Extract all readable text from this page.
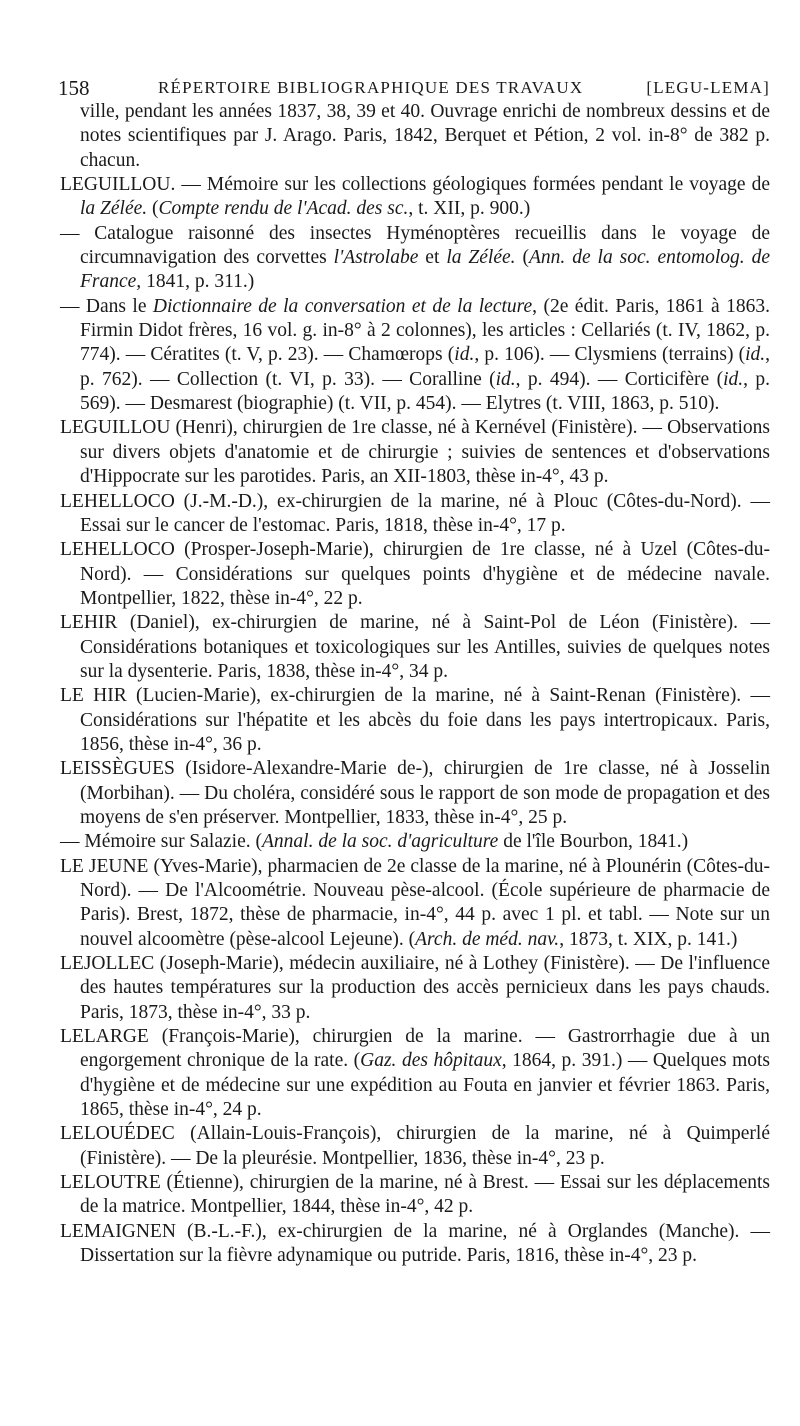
158	RÉPERTOIRE BIBLIOGRAPHIQUE DES TRAVAUX	[LEGU-LEMA]

ville, pendant les années 1837, 38, 39 et 40. Ouvrage enrichi de nombreux dessins et de notes scientifiques par J. Arago. Paris, 1842, Berquet et Pétion, 2 vol. in-8° de 382 p. chacun.

LEGUILLOU. — Mémoire sur les collections géologiques formées pendant le voyage de la Zélée. (Compte rendu de l'Acad. des sc., t. XII, p. 900.)

— Catalogue raisonné des insectes Hyménoptères recueillis dans le voyage de circumnavigation des corvettes l'Astrolabe et la Zélée. (Ann. de la soc. entomolog. de France, 1841, p. 311.)

— Dans le Dictionnaire de la conversation et de la lecture, (2e édit. Paris, 1861 à 1863. Firmin Didot frères, 16 vol. g. in-8° à 2 colonnes), les articles : Cellariés (t. IV, 1862, p. 774). — Cératites (t. V, p. 23). — Chamœrops (id., p. 106). — Clysmiens (terrains) (id., p. 762). — Collection (t. VI, p. 33). — Coralline (id., p. 494). — Corticifère (id., p. 569). — Desmarest (biographie) (t. VII, p. 454). — Elytres (t. VIII, 1863, p. 510).

LEGUILLOU (Henri), chirurgien de 1re classe, né à Kernével (Finistère). — Observations sur divers objets d'anatomie et de chirurgie ; suivies de sentences et d'observations d'Hippocrate sur les parotides. Paris, an XII-1803, thèse in-4°, 43 p.

LEHELLOCO (J.-M.-D.), ex-chirurgien de la marine, né à Plouc (Côtes-du-Nord). — Essai sur le cancer de l'estomac. Paris, 1818, thèse in-4°, 17 p.

LEHELLOCO (Prosper-Joseph-Marie), chirurgien de 1re classe, né à Uzel (Côtes-du-Nord). — Considérations sur quelques points d'hygiène et de médecine navale. Montpellier, 1822, thèse in-4°, 22 p.

LEHIR (Daniel), ex-chirurgien de marine, né à Saint-Pol de Léon (Finistère). — Considérations botaniques et toxicologiques sur les Antilles, suivies de quelques notes sur la dysenterie. Paris, 1838, thèse in-4°, 34 p.

LE HIR (Lucien-Marie), ex-chirurgien de la marine, né à Saint-Renan (Finistère). — Considérations sur l'hépatite et les abcès du foie dans les pays intertropicaux. Paris, 1856, thèse in-4°, 36 p.

LEISSÈGUES (Isidore-Alexandre-Marie de-), chirurgien de 1re classe, né à Josselin (Morbihan). — Du choléra, considéré sous le rapport de son mode de propagation et des moyens de s'en préserver. Montpellier, 1833, thèse in-4°, 25 p.

— Mémoire sur Salazie. (Annal. de la soc. d'agriculture de l'île Bourbon, 1841.)

LE JEUNE (Yves-Marie), pharmacien de 2e classe de la marine, né à Plounérin (Côtes-du-Nord). — De l'Alcoométrie. Nouveau pèse-alcool. (École supérieure de pharmacie de Paris). Brest, 1872, thèse de pharmacie, in-4°, 44 p. avec 1 pl. et tabl. — Note sur un nouvel alcoomètre (pèse-alcool Lejeune). (Arch. de méd. nav., 1873, t. XIX, p. 141.)

LEJOLLEC (Joseph-Marie), médecin auxiliaire, né à Lothey (Finistère). — De l'influence des hautes températures sur la production des accès pernicieux dans les pays chauds. Paris, 1873, thèse in-4°, 33 p.

LELARGE (François-Marie), chirurgien de la marine. — Gastrorrhagie due à un engorgement chronique de la rate. (Gaz. des hôpitaux, 1864, p. 391.) — Quelques mots d'hygiène et de médecine sur une expédition au Fouta en janvier et février 1863. Paris, 1865, thèse in-4°, 24 p.

LELOUÉDEC (Allain-Louis-François), chirurgien de la marine, né à Quimperlé (Finistère). — De la pleurésie. Montpellier, 1836, thèse in-4°, 23 p.

LELOUTRE (Étienne), chirurgien de la marine, né à Brest. — Essai sur les déplacements de la matrice. Montpellier, 1844, thèse in-4°, 42 p.

LEMAIGNEN (B.-L.-F.), ex-chirurgien de la marine, né à Orglandes (Manche). — Dissertation sur la fièvre adynamique ou putride. Paris, 1816, thèse in-4°, 23 p.
